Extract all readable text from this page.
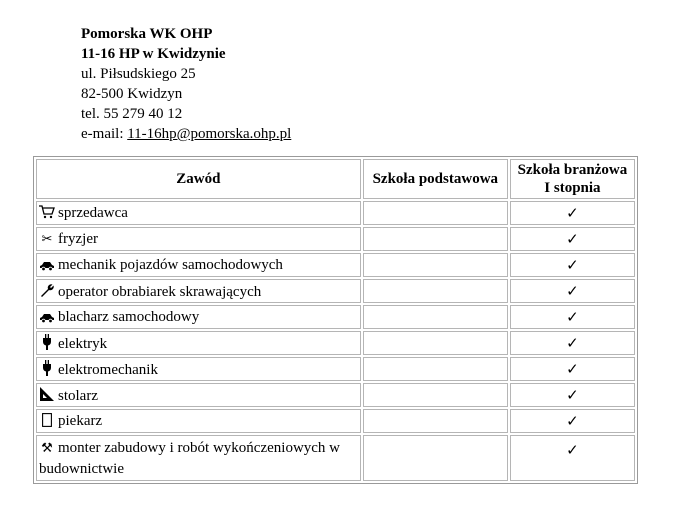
Pomorska WK OHP
11-16 HP w Kwidzynie
ul. Piłsudskiego 25
82-500 Kwidzyn
tel. 55 279 40 12
e-mail: 11-16hp@pomorska.ohp.pl
Zawód	Szkoła podstawowa	Szkoła branżowa
I stopnia
sprzedawca		✓
✂ fryzjer		✓
mechanik pojazdów samochodowych		✓
operator obrabiarek skrawających		✓
blacharz samochodowy		✓
elektryk		✓
elektromechanik		✓
stolarz		✓
piekarz		✓
⚒ monter zabudowy i robót wykończeniowych w budownictwie		✓
